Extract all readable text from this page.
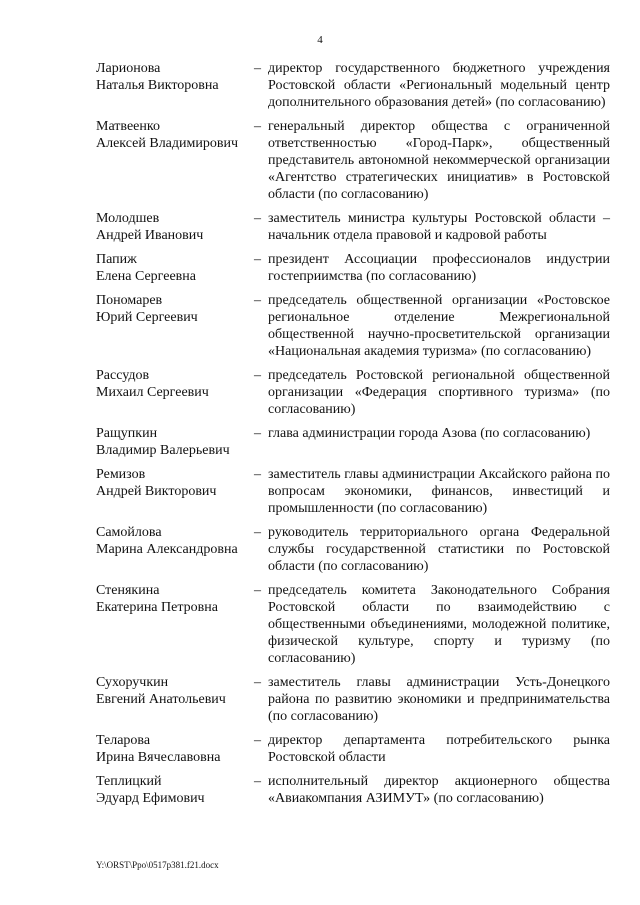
4
Ларионова
Наталья Викторовна
– директор государственного бюджетного учреждения Ростовской области «Региональный модельный центр дополнительного образования детей» (по согласованию)
Матвеенко
Алексей Владимирович
– генеральный директор общества с ограниченной ответственностью «Город-Парк», общественный представитель автономной некоммерческой организации «Агентство стратегических инициатив» в Ростовской области (по согласованию)
Молодшев
Андрей Иванович
– заместитель министра культуры Ростовской области – начальник отдела правовой и кадровой работы
Папиж
Елена Сергеевна
– президент Ассоциации профессионалов индустрии гостеприимства (по согласованию)
Пономарев
Юрий Сергеевич
– председатель общественной организации «Ростовское региональное отделение Межрегиональной общественной научно-просветительской организации «Национальная академия туризма» (по согласованию)
Рассудов
Михаил Сергеевич
– председатель Ростовской региональной общественной организации «Федерация спортивного туризма» (по согласованию)
Ращупкин
Владимир Валерьевич
– глава администрации города Азова (по согласованию)
Ремизов
Андрей Викторович
– заместитель главы администрации Аксайского района по вопросам экономики, финансов, инвестиций и промышленности (по согласованию)
Самойлова
Марина Александровна
– руководитель территориального органа Федеральной службы государственной статистики по Ростовской области (по согласованию)
Стенякина
Екатерина Петровна
– председатель комитета Законодательного Собрания Ростовской области по взаимодействию с общественными объединениями, молодежной политике, физической культуре, спорту и туризму (по согласованию)
Сухоручкин
Евгений Анатольевич
– заместитель главы администрации Усть-Донецкого района по развитию экономики и предпринимательства (по согласованию)
Теларова
Ирина Вячеславовна
– директор департамента потребительского рынка Ростовской области
Теплицкий
Эдуард Ефимович
– исполнительный директор акционерного общества «Авиакомпания АЗИМУТ» (по согласованию)
Y:\ORST\Ppo\0517p381.f21.docx
